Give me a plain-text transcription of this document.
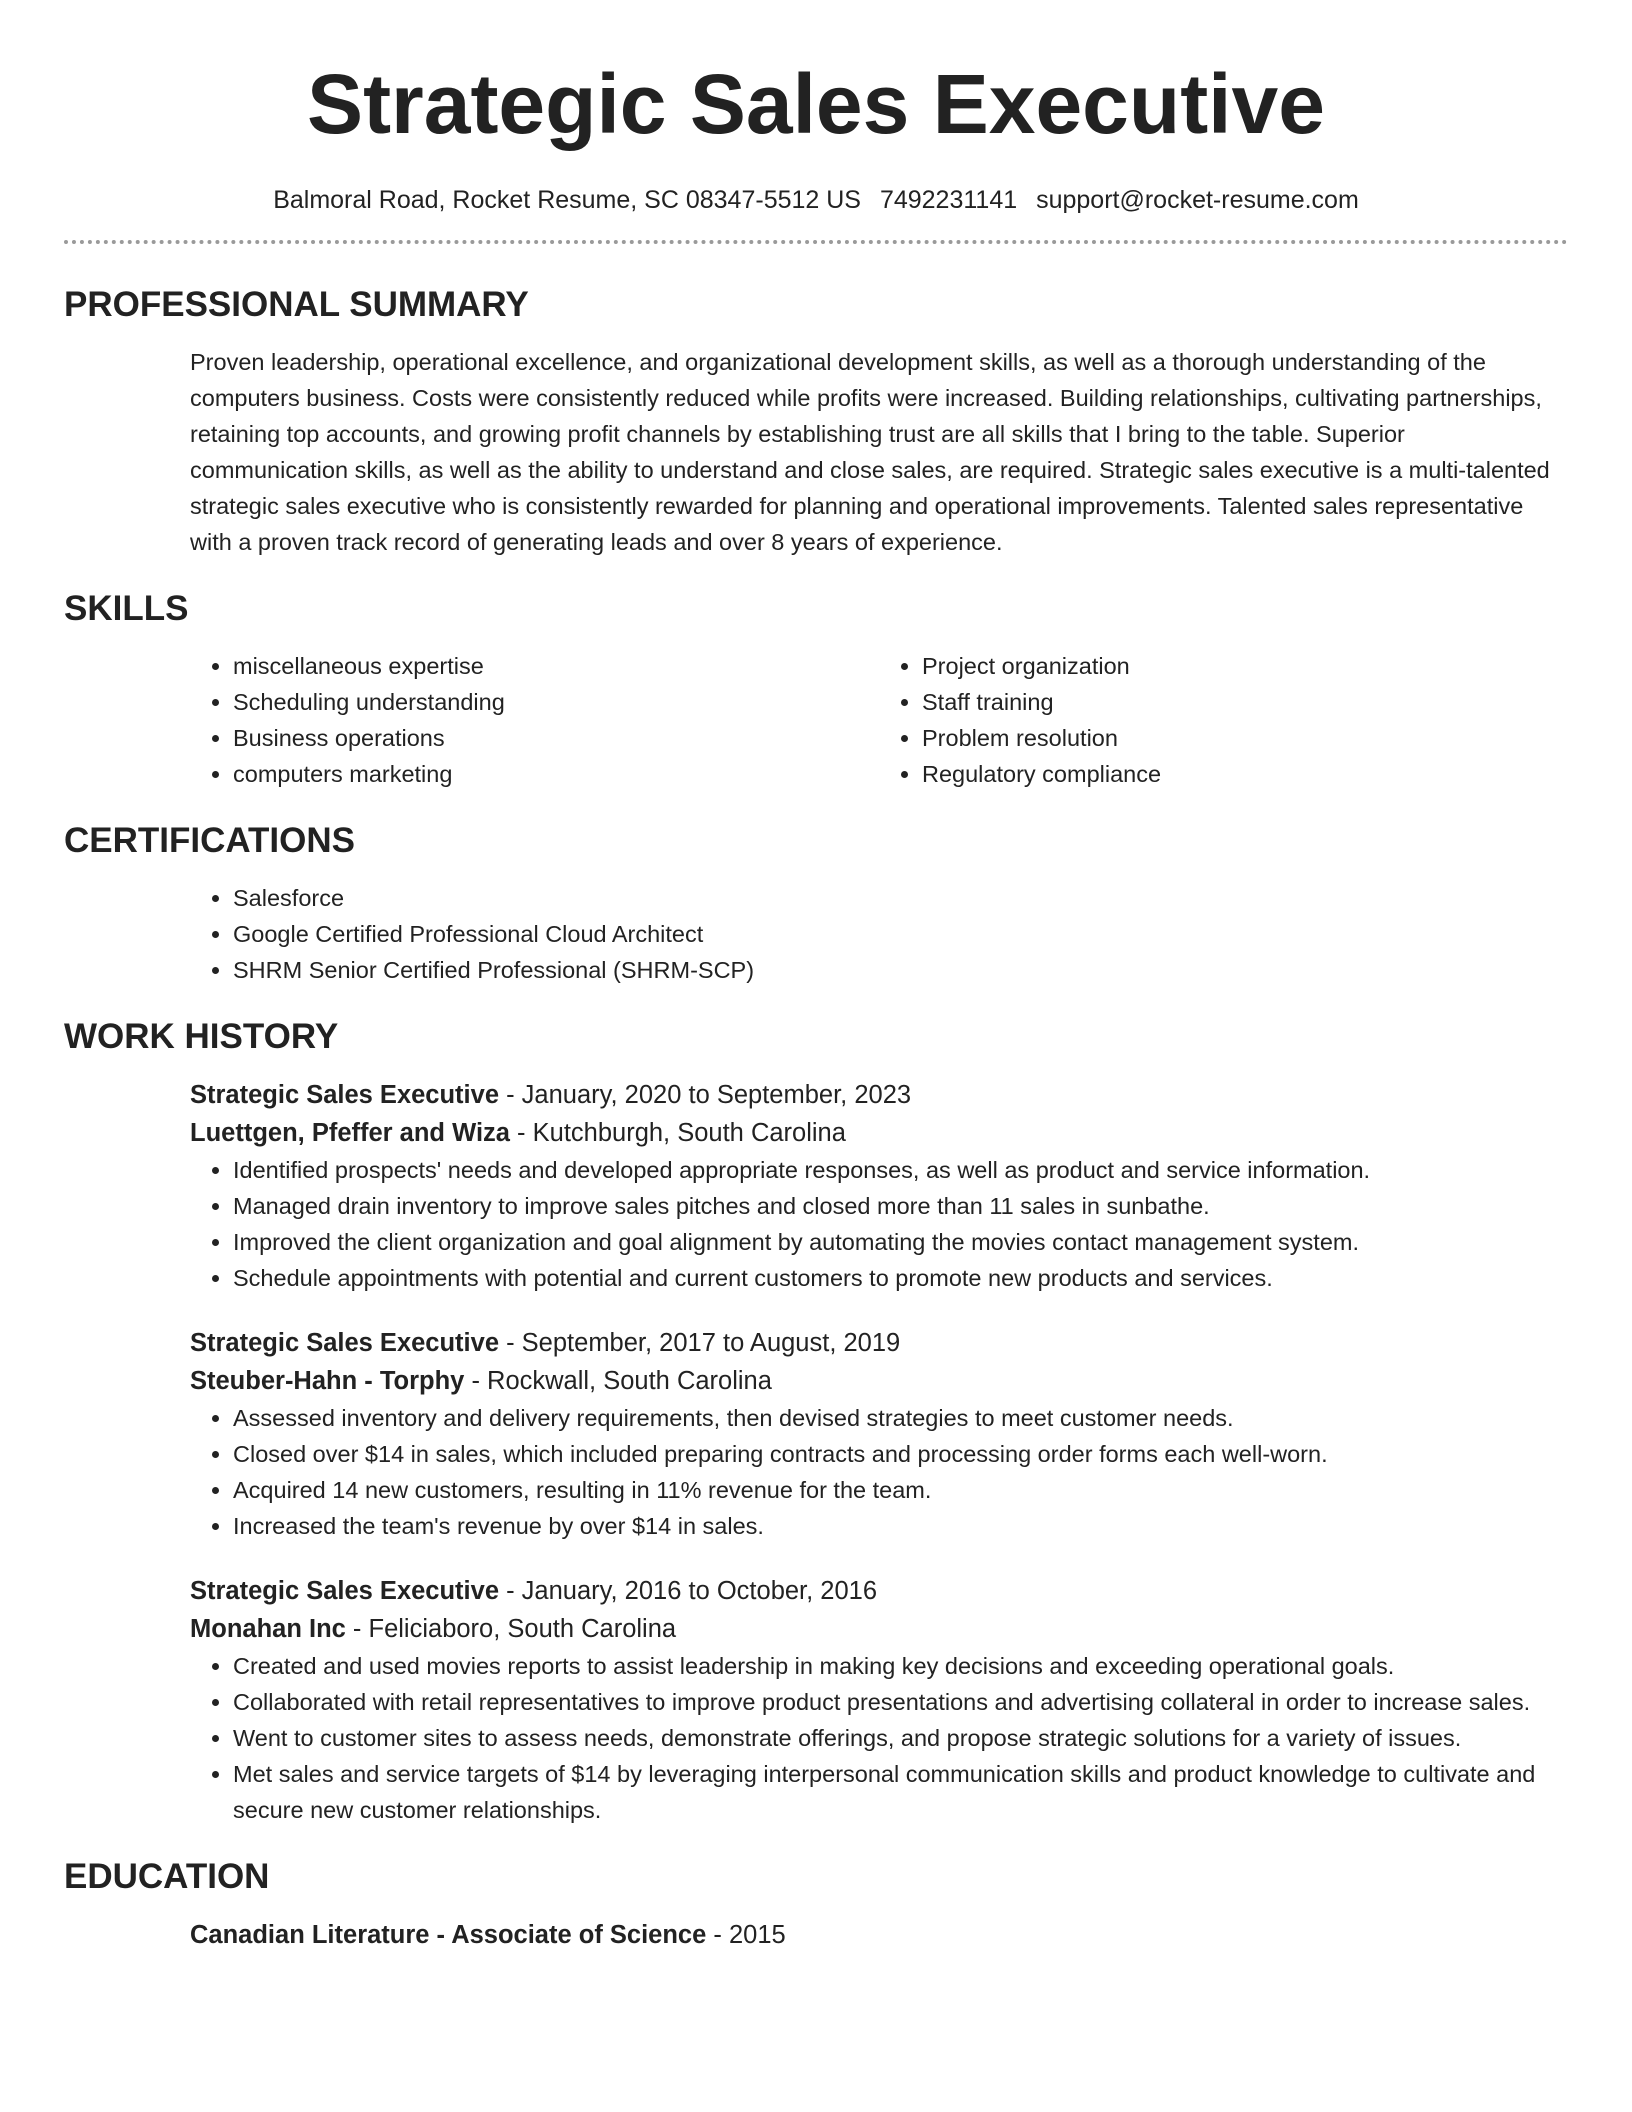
Strategic Sales Executive
Balmoral Road, Rocket Resume, SC 08347-5512 US 7492231141 support@rocket-resume.com
PROFESSIONAL SUMMARY

Proven leadership, operational excellence, and organizational development skills, as well as a thorough understanding of the computers business. Costs were consistently reduced while profits were increased. Building relationships, cultivating partnerships, retaining top accounts, and growing profit channels by establishing trust are all skills that I bring to the table. Superior communication skills, as well as the ability to understand and close sales, are required. Strategic sales executive is a multi-talented strategic sales executive who is consistently rewarded for planning and operational improvements. Talented sales representative with a proven track record of generating leads and over 8 years of experience.

SKILLS
• miscellaneous expertise
• Scheduling understanding
• Business operations
• computers marketing
• Project organization
• Staff training
• Problem resolution
• Regulatory compliance
CERTIFICATIONS
• Salesforce
• Google Certified Professional Cloud Architect
• SHRM Senior Certified Professional (SHRM-SCP)
WORK HISTORY

Strategic Sales Executive - January, 2020 to September, 2023

Luettgen, Pfeffer and Wiza - Kutchburgh, South Carolina

• Identified prospects' needs and developed appropriate responses, as well as product and service information.
• Managed drain inventory to improve sales pitches and closed more than 11 sales in sunbathe.
• Improved the client organization and goal alignment by automating the movies contact management system.
• Schedule appointments with potential and current customers to promote new products and services.

Strategic Sales Executive - September, 2017 to August, 2019

Steuber-Hahn - Torphy - Rockwall, South Carolina

• Assessed inventory and delivery requirements, then devised strategies to meet customer needs.
• Closed over $14 in sales, which included preparing contracts and processing order forms each well-worn.
• Acquired 14 new customers, resulting in 11% revenue for the team.
• Increased the team's revenue by over $14 in sales.

Strategic Sales Executive - January, 2016 to October, 2016

Monahan Inc - Feliciaboro, South Carolina

• Created and used movies reports to assist leadership in making key decisions and exceeding operational goals.
• Collaborated with retail representatives to improve product presentations and advertising collateral in order to increase sales.
• Went to customer sites to assess needs, demonstrate offerings, and propose strategic solutions for a variety of issues.
• Met sales and service targets of $14 by leveraging interpersonal communication skills and product knowledge to cultivate and secure new customer relationships.
EDUCATION

Canadian Literature - Associate of Science - 2015
